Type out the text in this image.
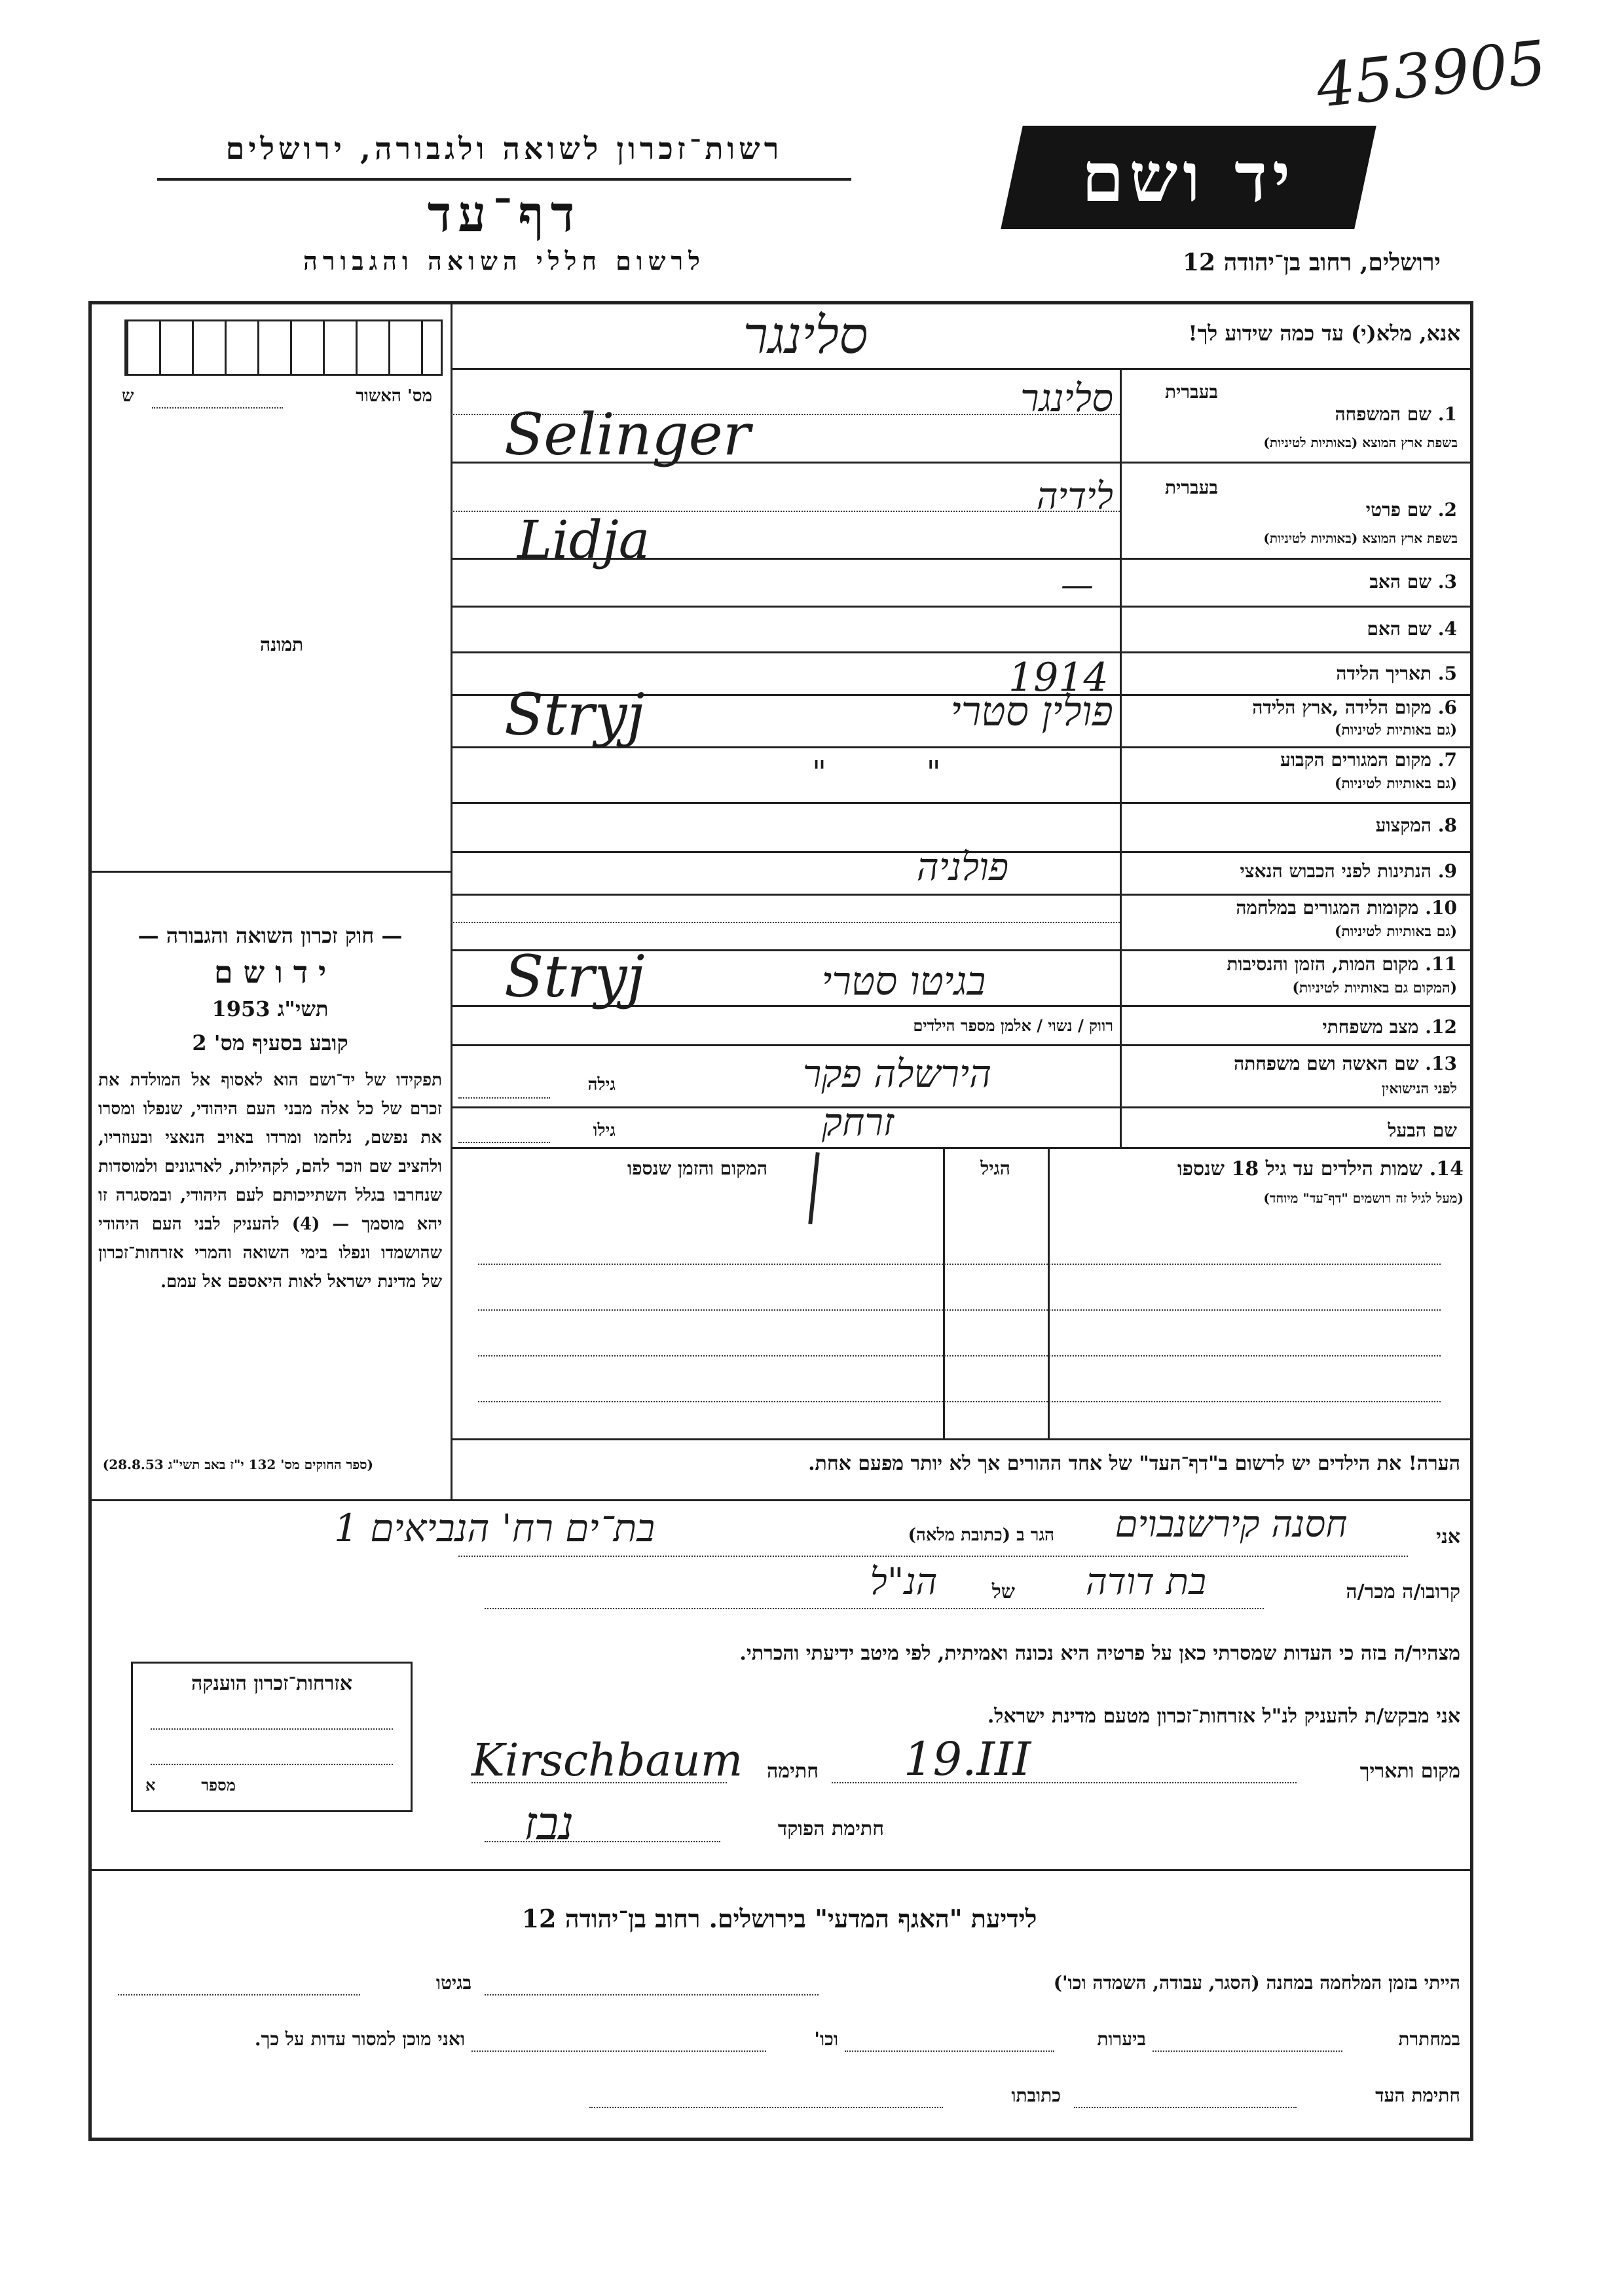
453905
רשות־זכרון לשואה ולגבורה, ירושלים
דף־עד
לרשום חללי השואה והגבורה
יד ושם
ירושלים, רחוב בן־יהודה 12
מס' האשור
ש
תמונה
אנא, מלא(י) עד כמה שידוע לך!
סלינגר
בעברית
1. שם המשפחה
בשפת ארץ המוצא (באותיות לטיניות)
סלינגר
Selinger
בעברית
2. שם פרטי
בשפת ארץ המוצא (באותיות לטיניות)
לידיה
Lidja
3. שם האב
—
4. שם האם
5. תאריך הלידה
1914
6. מקום הלידה ,ארץ הלידה
(גם באותיות לטיניות)
פולין סטרי
Stryj
7. מקום המגורים הקבוע
(גם באותיות לטיניות)
"          "
8. המקצוע
9. הנתינות לפני הכבוש הנאצי
פולניה
10. מקומות המגורים במלחמה
(גם באותיות לטיניות)
11. מקום המות, הזמן והנסיבות
(המקום גם באותיות לטיניות)
בגיטו סטרי
Stryj
12. מצב משפחתי
רווק / נשוי / אלמן מספר הילדים
13. שם האשה ושם משפחתה
לפני הנישואין
הירשלה פקר
גילה
שם הבעל
זרחק
גילו
14. שמות הילדים עד גיל 18 שנספו
(מעל לגיל זה רושמים "דף־עד" מיוחד)
הגיל
המקום והזמן שנספו
הערה! את הילדים יש לרשום ב"דף־העד" של אחד ההורים אך לא יותר מפעם אחת.
— חוק זכרון השואה והגבורה —
י ד ו ש ם
תשי"ג 1953
קובע בסעיף מס' 2
תפקידו של יד־ושם הוא לאסוף אל המולדת את זכרם של כל אלה מבני העם היהודי, שנפלו ומסרו את נפשם, נלחמו ומרדו באויב הנאצי ובעוזריו, ולהציב שם וזכר להם, לקהילות, לארגונים ולמוסדות שנחרבו בגלל השתייכותם לעם היהודי, ובמסגרה זו יהא מוסמך — (4) להעניק לבני העם היהודי שהושמדו ונפלו בימי השואה והמרי אזרחות־זכרון של מדינת ישראל לאות היאספם אל עמם.
(ספר החוקים מס' 132 י"ז באב תשי"ג 28.8.53)
אני
חסנה קירשנבוים
הגר ב (כתובת מלאה)
בת־ים רח' הנביאים 1
קרובו/ה מכר/ה
בת דודה
של
הנ"ל
מצהיר/ה בזה כי העדות שמסרתי כאן על פרטיה היא נכונה ואמיתית, לפי מיטב ידיעתי והכרתי.
אני מבקש/ת להעניק לנ"ל אזרחות־זכרון מטעם מדינת ישראל.
מקום ותאריך
19.III
חתימה
Kirschbaum
חתימת הפוקד
נבז
אזרחות־זכרון הוענקה
מספר
א
לידיעת "האגף המדעי" בירושלים. רחוב בן־יהודה 12
הייתי בזמן המלחמה במחנה (הסגר, עבודה, השמדה וכו')
בגיטו
במחתרת
ביערות
וכו'
ואני מוכן למסור עדות על כך.
חתימת העד
כתובתו
